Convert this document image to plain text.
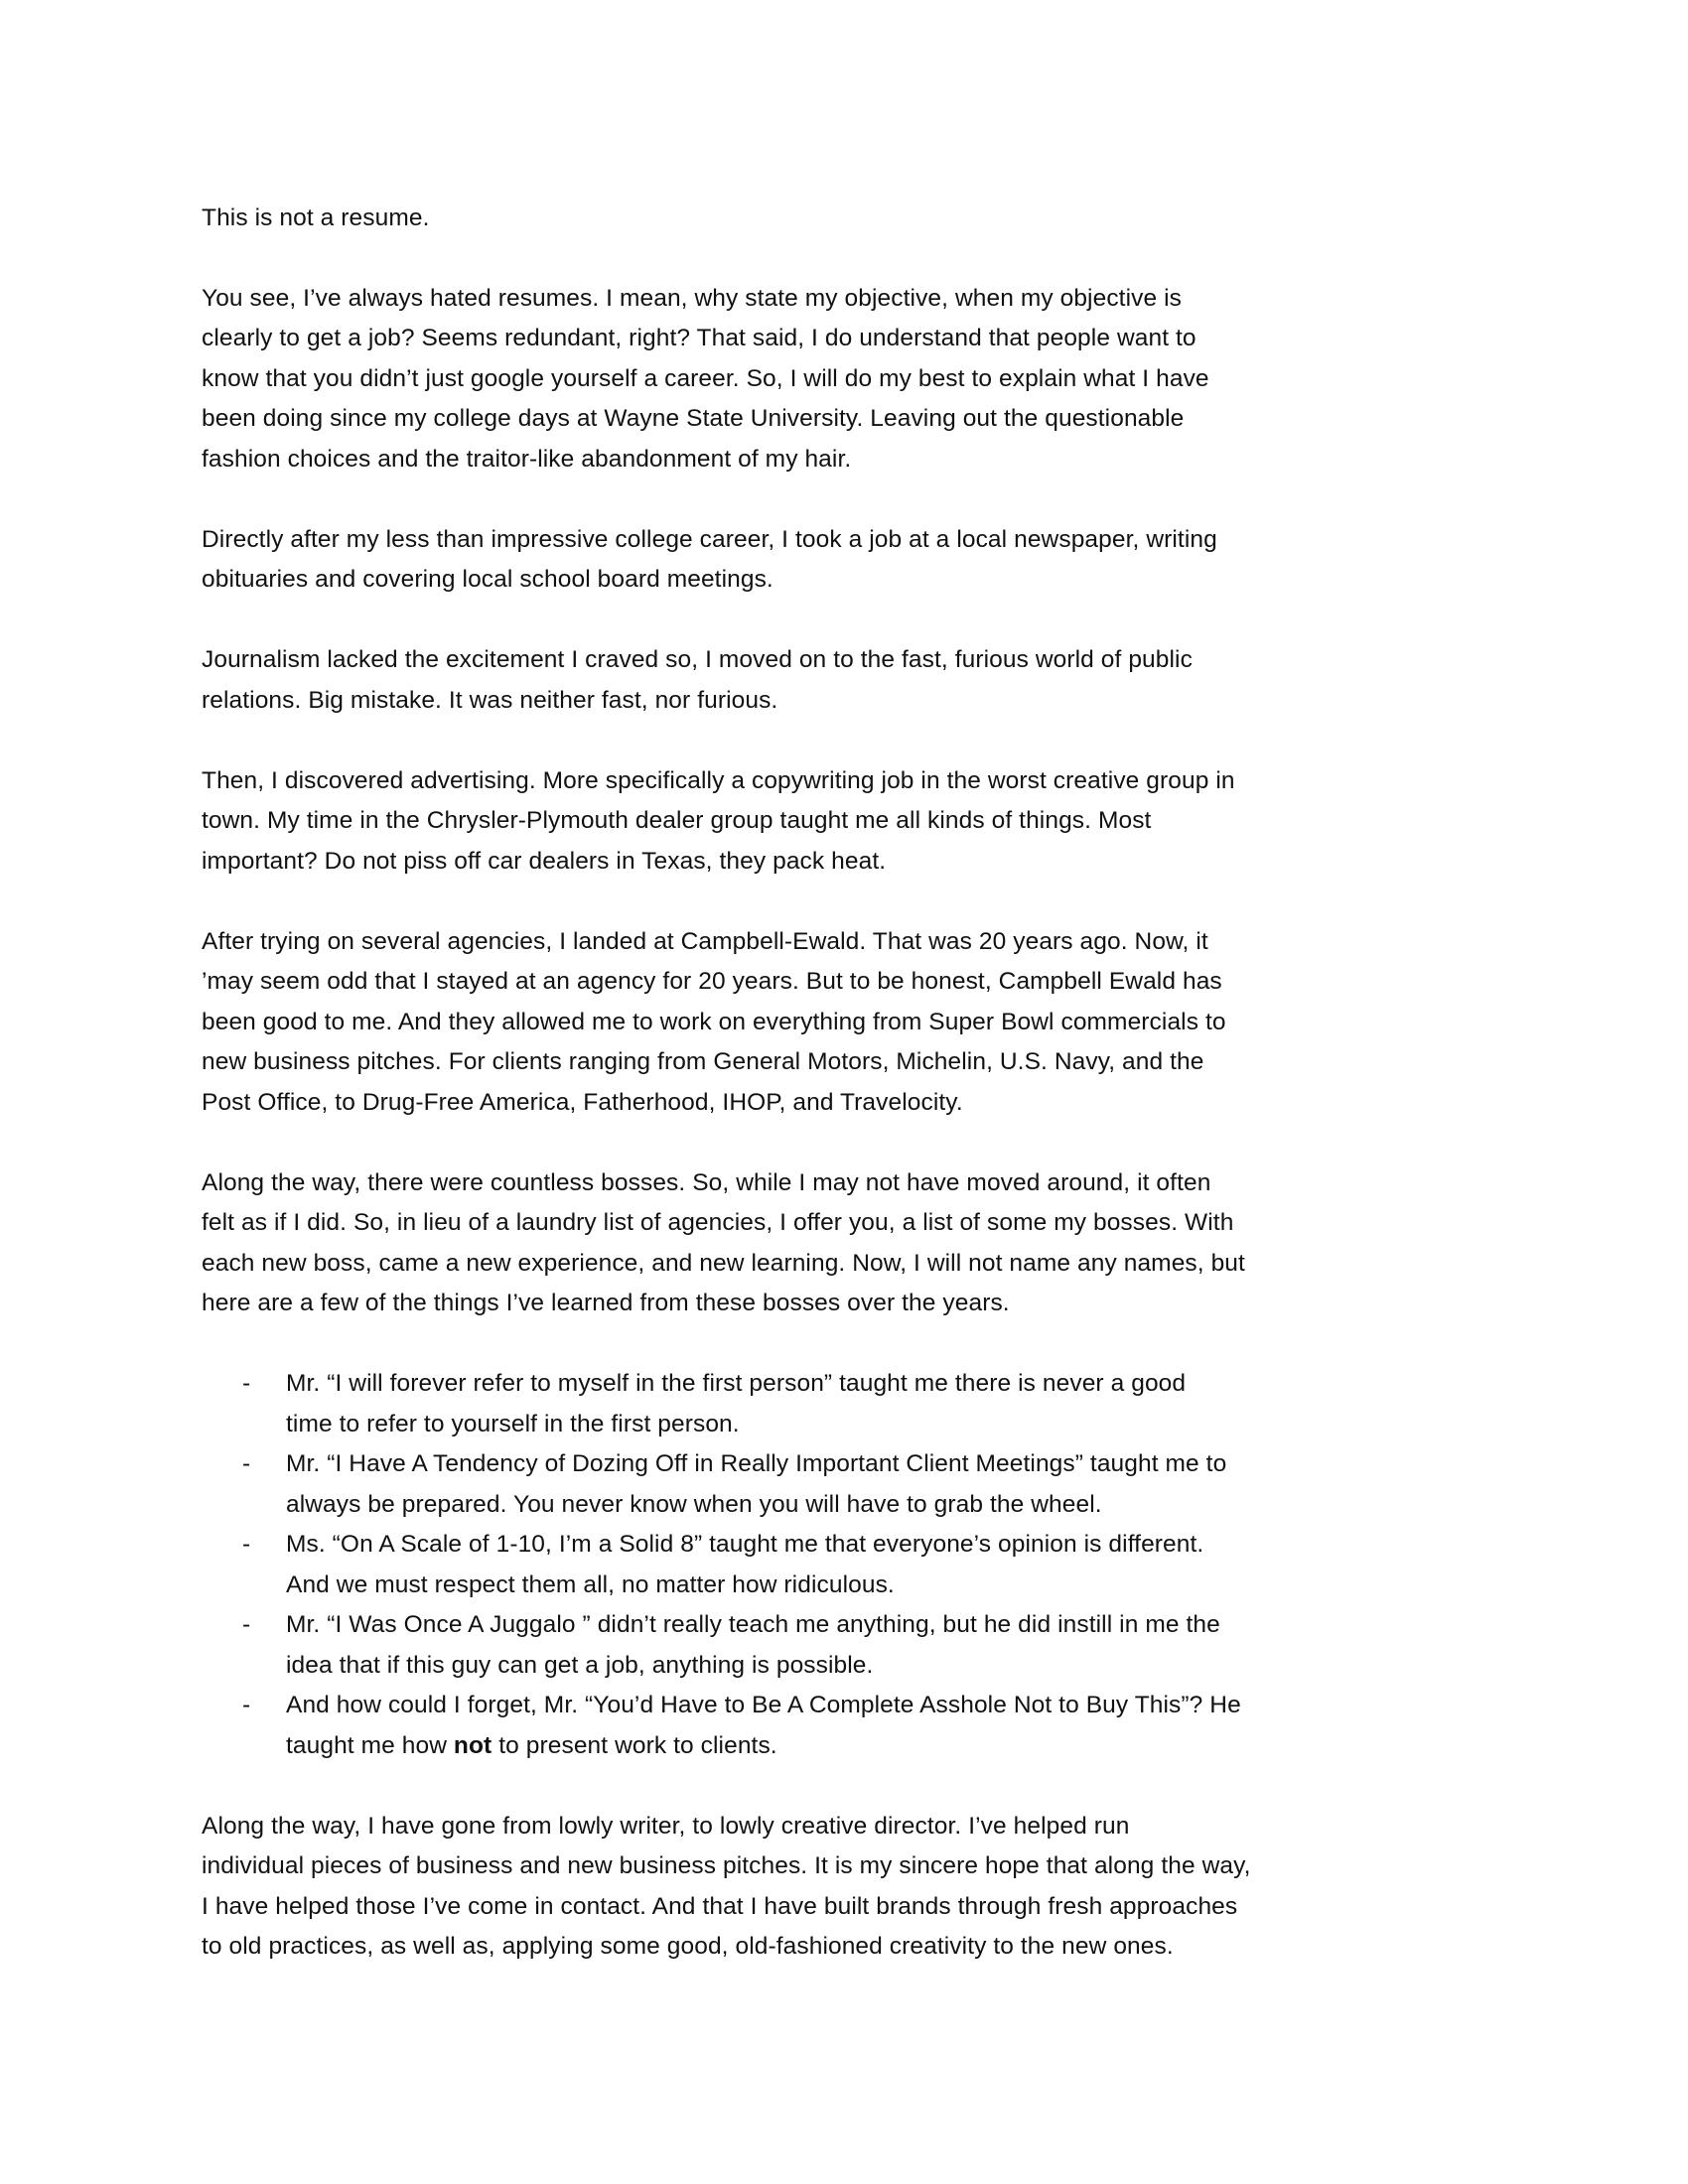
This is not a resume.
You see, I’ve always hated resumes. I mean, why state my objective, when my objective is
clearly to get a job? Seems redundant, right? That said, I do understand that people want to
know that you didn’t just google yourself a career. So, I will do my best to explain what I have
been doing since my college days at Wayne State University. Leaving out the questionable
fashion choices and the traitor-like abandonment of my hair.
Directly after my less than impressive college career, I took a job at a local newspaper, writing
obituaries and covering local school board meetings.
Journalism lacked the excitement I craved so, I moved on to the fast, furious world of public
relations. Big mistake. It was neither fast, nor furious.
Then, I discovered advertising. More specifically a copywriting job in the worst creative group in
town. My time in the Chrysler-Plymouth dealer group taught me all kinds of things. Most
important? Do not piss off car dealers in Texas, they pack heat.
After trying on several agencies, I landed at Campbell-Ewald. That was 20 years ago. Now, it
’may seem odd that I stayed at an agency for 20 years. But to be honest, Campbell Ewald has
been good to me. And they allowed me to work on everything from Super Bowl commercials to
new business pitches. For clients ranging from General Motors, Michelin, U.S. Navy, and the
Post Office, to Drug-Free America, Fatherhood, IHOP, and Travelocity.
Along the way, there were countless bosses. So, while I may not have moved around, it often
felt as if I did. So, in lieu of a laundry list of agencies, I offer you, a list of some my bosses. With
each new boss, came a new experience, and new learning. Now, I will not name any names, but
here are a few of the things I’ve learned from these bosses over the years.
- Mr. “I will forever refer to myself in the first person” taught me there is never a good
time to refer to yourself in the first person.
- Mr. “I Have A Tendency of Dozing Off in Really Important Client Meetings” taught me to
always be prepared. You never know when you will have to grab the wheel.
- Ms. “On A Scale of 1-10, I’m a Solid 8” taught me that everyone’s opinion is different.
And we must respect them all, no matter how ridiculous.
- Mr. “I Was Once A Juggalo ” didn’t really teach me anything, but he did instill in me the
idea that if this guy can get a job, anything is possible.
- And how could I forget, Mr. “You’d Have to Be A Complete Asshole Not to Buy This”? He
taught me how not to present work to clients.
Along the way, I have gone from lowly writer, to lowly creative director. I’ve helped run
individual pieces of business and new business pitches. It is my sincere hope that along the way,
I have helped those I’ve come in contact. And that I have built brands through fresh approaches
to old practices, as well as, applying some good, old-fashioned creativity to the new ones.
